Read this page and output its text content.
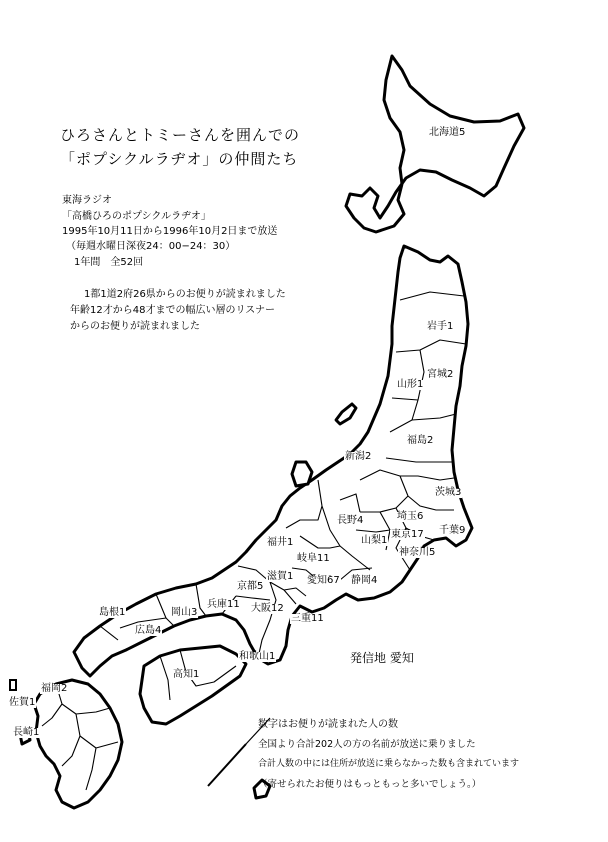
ひろさんとトミーさんを囲んでの
「ポプシクルラヂオ」の仲間たち
東海ラジオ
「高橋ひろのポプシクルラヂオ」
1995年10月11日から1996年10月2日まで放送
（毎週水曜日深夜24：00−24：30）
1年間　全52回
1都1道2府26県からのお便りが読まれました
年齢12才から48才までの幅広い層のリスナー
からのお便りが読まれました
発信地 愛知
数字はお便りが読まれた人の数
全国より合計202人の方の名前が放送に乗りました
合計人数の中には住所が放送に乗らなかった数も含まれています
（寄せられたお便りはもっともっと多いでしょう。）
北海道5
岩手1
宮城2
山形1
福島2
新潟2
茨城3
埼玉6
千葉9
東京17
神奈川5
山梨1
長野4
福井1
岐阜11
愛知67 静岡4
滋賀1
京都5
大阪12
三重11
兵庫11
和歌山1
島根1	岡山3
広島4
高知1
福岡2
佐賀1
長崎1
